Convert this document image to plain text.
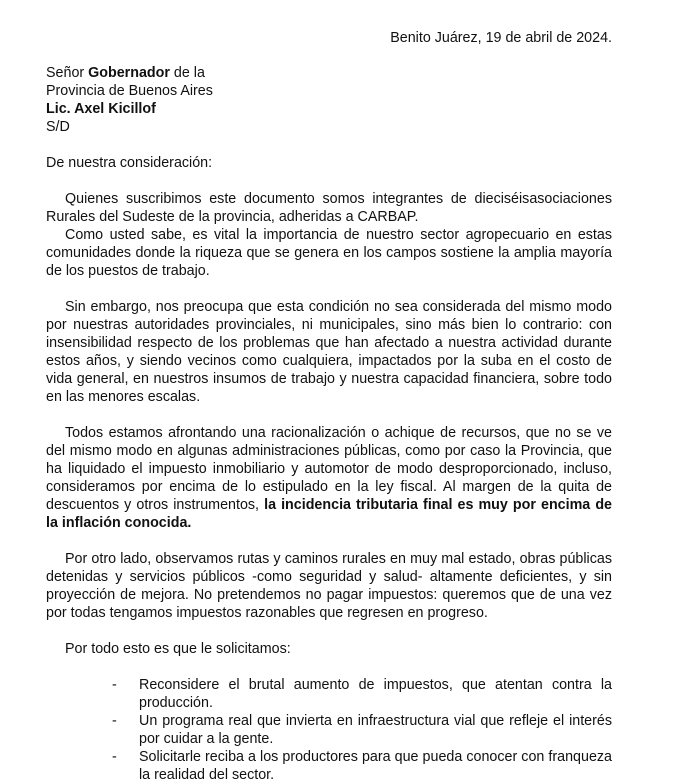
Benito Juárez, 19 de abril de 2024.

Señor Gobernador de la
Provincia de Buenos Aires
Lic. Axel Kicillof
S/D

De nuestra consideración:

Quienes suscribimos este documento somos integrantes de dieciséisasociaciones Rurales del Sudeste de la provincia, adheridas a CARBAP.

Como usted sabe, es vital la importancia de nuestro sector agropecuario en estas comunidades donde la riqueza que se genera en los campos sostiene la amplia mayoría de los puestos de trabajo.

Sin embargo, nos preocupa que esta condición no sea considerada del mismo modo por nuestras autoridades provinciales, ni municipales, sino más bien lo contrario: con insensibilidad respecto de los problemas que han afectado a nuestra actividad durante estos años, y siendo vecinos como cualquiera, impactados por la suba en el costo de vida general, en nuestros insumos de trabajo y nuestra capacidad financiera, sobre todo en las menores escalas.

Todos estamos afrontando una racionalización o achique de recursos, que no se ve del mismo modo en algunas administraciones públicas, como por caso la Provincia, que ha liquidado el impuesto inmobiliario y automotor de modo desproporcionado, incluso, consideramos por encima de lo estipulado en la ley fiscal. Al margen de la quita de descuentos y otros instrumentos, la incidencia tributaria final es muy por encima de la inflación conocida.

Por otro lado, observamos rutas y caminos rurales en muy mal estado, obras públicas detenidas y servicios públicos -como seguridad y salud- altamente deficientes, y sin proyección de mejora. No pretendemos no pagar impuestos: queremos que de una vez por todas tengamos impuestos razonables que regresen en progreso.

Por todo esto es que le solicitamos:

- Reconsidere el brutal aumento de impuestos, que atentan contra la producción.
- Un programa real que invierta en infraestructura vial que refleje el interés por cuidar a la gente.
- Solicitarle reciba a los productores para que pueda conocer con franqueza la realidad del sector.
